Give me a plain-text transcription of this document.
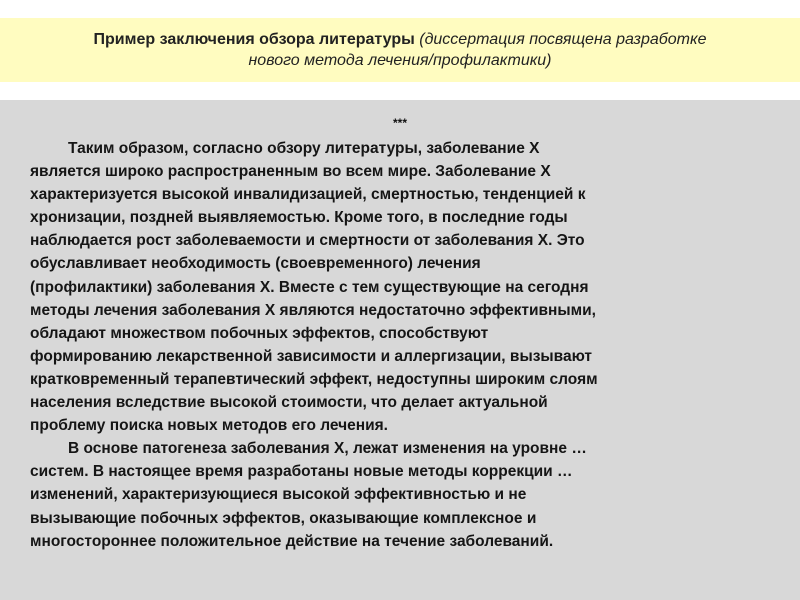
Пример заключения обзора литературы (диссертация посвящена разработке
нового метода лечения/профилактики)
***
Таким образом, согласно обзору литературы, заболевание Х
является широко распространенным во всем мире. Заболевание Х
характеризуется высокой инвалидизацией, смертностью, тенденцией к
хронизации, поздней выявляемостью. Кроме того, в последние годы
наблюдается рост заболеваемости и смертности от заболевания Х. Это
обуславливает необходимость (своевременного) лечения
(профилактики) заболевания Х. Вместе с тем существующие на сегодня
методы лечения заболевания Х являются недостаточно эффективными,
обладают множеством побочных эффектов, способствуют
формированию лекарственной зависимости и аллергизации, вызывают
кратковременный терапевтический эффект, недоступны широким слоям
населения вследствие высокой стоимости, что делает актуальной
проблему поиска новых методов его лечения.
В основе патогенеза заболевания Х, лежат изменения на уровне …
систем. В настоящее время разработаны новые методы коррекции …
изменений, характеризующиеся высокой эффективностью и не
вызывающие побочных эффектов, оказывающие комплексное и
многостороннее положительное действие на течение заболеваний.
